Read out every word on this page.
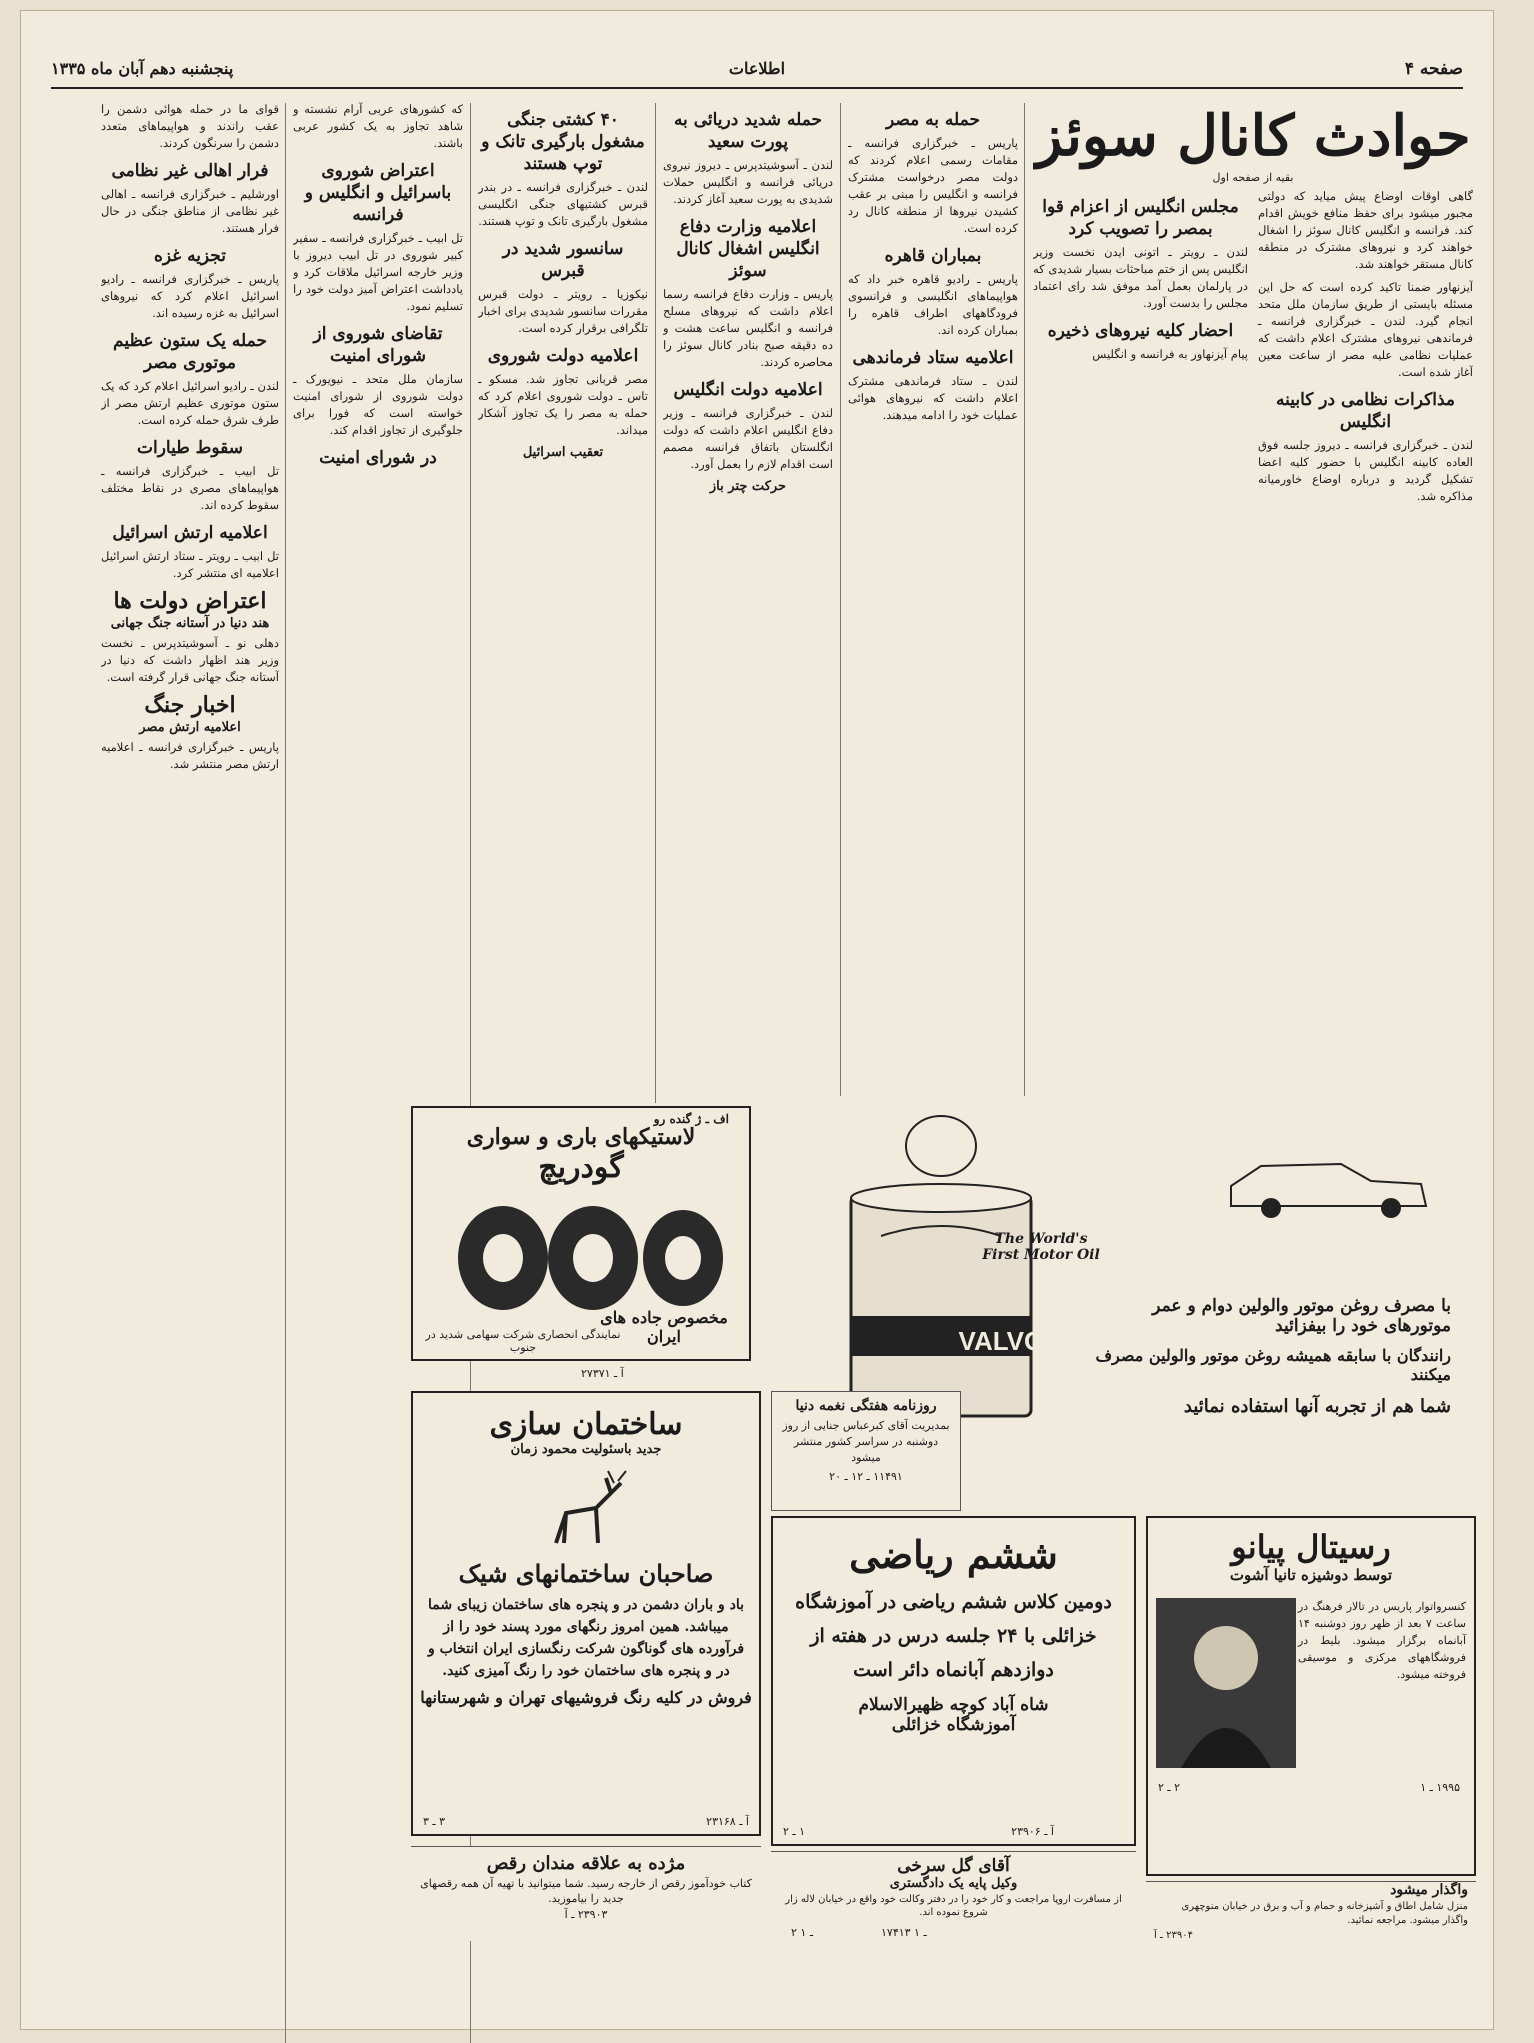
صفحه ۴
اطلاعات
پنجشنبه دهم آبان ماه ۱۳۳۵
حوادث کانال سوئز
بقیه از صفحه اول

گاهی اوقات اوضاع پیش میاید که دولتی مجبور میشود برای حفظ منافع خویش اقدام کند. فرانسه و انگلیس کانال سوئز را اشغال خواهند کرد و نیروهای مشترک در منطقه کانال مستقر خواهند شد.

آیزنهاور ضمنا تاکید کرده است که حل این مسئله بایستی از طریق سازمان ملل متحد انجام گیرد. لندن ـ خبرگزاری فرانسه ـ فرماندهی نیروهای مشترک اعلام داشت که عملیات نظامی علیه مصر از ساعت معین آغاز شده است.

مذاکرات نظامی در کابینه انگلیس

لندن ـ خبرگزاری فرانسه ـ دیروز جلسه فوق العاده کابینه انگلیس با حضور کلیه اعضا تشکیل گردید و درباره اوضاع خاورمیانه مذاکره شد.

مجلس انگلیس از اعزام قوا بمصر را تصویب کرد

لندن ـ رویتر ـ اتونی ایدن نخست وزیر انگلیس پس از ختم مباحثات بسیار شدیدی که در پارلمان بعمل آمد موفق شد رای اعتماد مجلس را بدست آورد.

احضار کلیه نیروهای ذخیره

پیام آیزنهاور به فرانسه و انگلیس

حمله به مصر

پاریس ـ خبرگزاری فرانسه ـ مقامات رسمی اعلام کردند که دولت مصر درخواست مشترک فرانسه و انگلیس را مبنی بر عقب کشیدن نیروها از منطقه کانال رد کرده است.

بمباران قاهره

پاریس ـ رادیو قاهره خبر داد که هواپیماهای انگلیسی و فرانسوی فرودگاههای اطراف قاهره را بمباران کرده اند.

اعلامیه ستاد فرماندهی

لندن ـ ستاد فرماندهی مشترک اعلام داشت که نیروهای هوائی عملیات خود را ادامه میدهند.

حمله شدید دریائی به پورت سعید

لندن ـ آسوشیتدپرس ـ دیروز نیروی دریائی فرانسه و انگلیس حملات شدیدی به پورت سعید آغاز کردند.

اعلامیه وزارت دفاع انگلیس اشغال کانال سوئز

پاریس ـ وزارت دفاع فرانسه رسما اعلام داشت که نیروهای مسلح فرانسه و انگلیس ساعت هشت و ده دقیقه صبح بنادر کانال سوئز را محاصره کردند.

اعلامیه دولت انگلیس

لندن ـ خبرگزاری فرانسه ـ وزیر دفاع انگلیس اعلام داشت که دولت انگلستان باتفاق فرانسه مصمم است اقدام لازم را بعمل آورد.

حرکت چتر باز
۴۰ کشتی جنگی مشغول بارگیری تانک و توپ هستند

لندن ـ خبرگزاری فرانسه ـ در بندر قبرس کشتیهای جنگی انگلیسی مشغول بارگیری تانک و توپ هستند.

سانسور شدید در قبرس

نیکوزیا ـ رویتر ـ دولت قبرس مقررات سانسور شدیدی برای اخبار تلگرافی برقرار کرده است.

اعلامیه دولت شوروی

مصر قربانی تجاوز شد. مسکو ـ تاس ـ دولت شوروی اعلام کرد که حمله به مصر را یک تجاوز آشکار میداند.

تعقیب اسرائیل

که کشورهای عربی آرام نشسته و شاهد تجاوز به یک کشور عربی باشند.

اعتراض شوروی باسرائیل و انگلیس و فرانسه

تل ابیب ـ خبرگزاری فرانسه ـ سفیر کبیر شوروی در تل ابیب دیروز با وزیر خارجه اسرائیل ملاقات کرد و یادداشت اعتراض آمیز دولت خود را تسلیم نمود.

تقاضای شوروی از شورای امنیت

سازمان ملل متحد ـ نیویورک ـ دولت شوروی از شورای امنیت خواسته است که فورا برای جلوگیری از تجاوز اقدام کند.

در شورای امنیت

قوای ما در حمله هوائی دشمن را عقب راندند و هواپیماهای متعدد دشمن را سرنگون کردند.

فرار اهالی غیر نظامی

اورشلیم ـ خبرگزاری فرانسه ـ اهالی غیر نظامی از مناطق جنگی در حال فرار هستند.

تجزیه غزه

پاریس ـ خبرگزاری فرانسه ـ رادیو اسرائیل اعلام کرد که نیروهای اسرائیل به غزه رسیده اند.

حمله یک ستون عظیم موتوری مصر

لندن ـ رادیو اسرائیل اعلام کرد که یک ستون موتوری عظیم ارتش مصر از طرف شرق حمله کرده است.

سقوط طیارات

تل ابیب ـ خبرگزاری فرانسه ـ هواپیماهای مصری در نقاط مختلف سقوط کرده اند.

اعلامیه ارتش اسرائیل

تل ابیب ـ رویتر ـ ستاد ارتش اسرائیل اعلامیه ای منتشر کرد.

اعتراض دولت ها
هند دنیا در آستانه جنگ جهانی

دهلی نو ـ آسوشیتدپرس ـ نخست وزیر هند اظهار داشت که دنیا در آستانه جنگ جهانی قرار گرفته است.

اخبار جنگ
اعلامیه ارتش مصر

پاریس ـ خبرگزاری فرانسه ـ اعلامیه ارتش مصر منتشر شد.

The World's First Motor Oil
VALVOLINE
با مصرف روغن موتور والولین دوام و عمر موتورهای خود را بیفزائید
رانندگان با سابقه همیشه روغن موتور والولین مصرف میکنند
شما هم از تجربه آنها استفاده نمائید
لاستیکهای باری و سواری
گودریچ
اف ـ ژ گنده رو
مخصوص جاده های ایران
نمایندگی انحصاری شرکت سهامی شدید در جنوب
آ ـ ۲۷۳۷۱
روزنامه هفتگی نغمه دنیا

بمدیریت آقای کبرعباس جنایی از روز دوشنبه در سراسر کشور منتشر میشود

۱۱۴۹۱ ـ ۱۲ ـ ۲۰

ساختمان سازی
جدید باسئولیت محمود زمان
صاحبان ساختمانهای شیک

باد و باران دشمن در و پنجره های ساختمان زیبای شما میباشد. همین امروز رنگهای مورد پسند خود را از فرآورده های گوناگون شرکت رنگسازی ایران انتخاب و در و پنجره های ساختمان خود را رنگ آمیزی کنید.

فروش در کلیه رنگ فروشیهای تهران و شهرستانها
آ ـ ۲۳۱۶۸
۳ ـ ۳
ششم ریاضی

دومین کلاس ششم ریاضی در آموزشگاه خزائلی با ۲۴ جلسه درس در هفته از دوازدهم آبانماه دائر است

شاه آباد کوچه ظهیرالاسلام
آموزشگاه خزائلی
آ ـ ۲۳۹۰۶
۱ ـ ۲
رسیتال پیانو
توسط دوشیزه تانیا آشوت

کنسرواتوار پاریس در تالار فرهنگ در ساعت ۷ بعد از ظهر روز دوشنبه ۱۴ آبانماه برگزار میشود. بلیط در فروشگاههای مرکزی و موسیقی فروخته میشود.

۱۹۹۵ ـ ۱
۲ ـ ۲
آقای گل سرخی
وکیل پایه یک دادگستری

از مسافرت اروپا مراجعت و کار خود را در دفتر وکالت خود واقع در خیابان لاله زار شروع نموده اند.

۱۷۴۱۳ ـ ۱
۲ ـ ۱
مژده به علاقه مندان رقص

کتاب خودآموز رقص از خارجه رسید. شما میتوانید با تهیه آن همه رقصهای جدید را بیاموزید.

۲۳۹۰۳ ـ آ

واگذار میشود

منزل شامل اطاق و آشپزخانه و حمام و آب و برق در خیابان منوچهری واگذار میشود. مراجعه نمائید.

۲۳۹۰۴ ـ آ
